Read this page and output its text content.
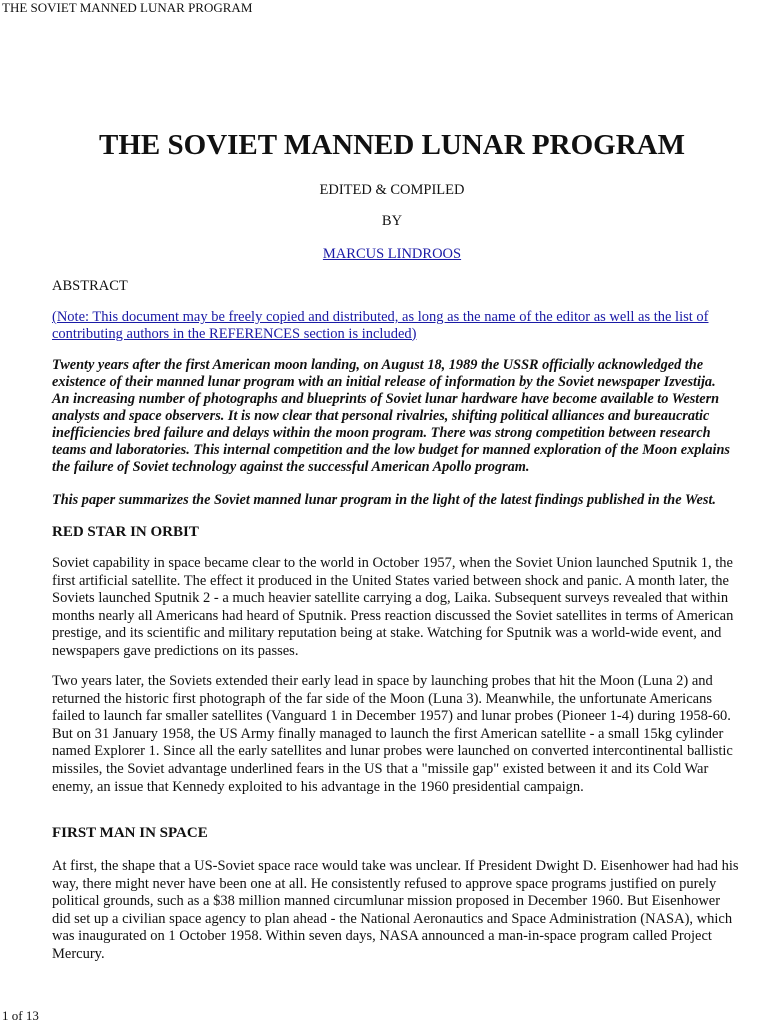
THE SOVIET MANNED LUNAR PROGRAM
THE SOVIET MANNED LUNAR PROGRAM
EDITED & COMPILED
BY
MARCUS LINDROOS
ABSTRACT
(Note: This document may be freely copied and distributed, as long as the name of the editor as well as the list of contributing authors in the REFERENCES section is included)
Twenty years after the first American moon landing, on August 18, 1989 the USSR officially acknowledged the existence of their manned lunar program with an initial release of information by the Soviet newspaper Izvestija. An increasing number of photographs and blueprints of Soviet lunar hardware have become available to Western analysts and space observers. It is now clear that personal rivalries, shifting political alliances and bureaucratic inefficiencies bred failure and delays within the moon program. There was strong competition between research teams and laboratories. This internal competition and the low budget for manned exploration of the Moon explains the failure of Soviet technology against the successful American Apollo program.
This paper summarizes the Soviet manned lunar program in the light of the latest findings published in the West.
RED STAR IN ORBIT
Soviet capability in space became clear to the world in October 1957, when the Soviet Union launched Sputnik 1, the first artificial satellite. The effect it produced in the United States varied between shock and panic. A month later, the Soviets launched Sputnik 2 - a much heavier satellite carrying a dog, Laika. Subsequent surveys revealed that within months nearly all Americans had heard of Sputnik. Press reaction discussed the Soviet satellites in terms of American prestige, and its scientific and military reputation being at stake. Watching for Sputnik was a world-wide event, and newspapers gave predictions on its passes.
Two years later, the Soviets extended their early lead in space by launching probes that hit the Moon (Luna 2) and returned the historic first photograph of the far side of the Moon (Luna 3). Meanwhile, the unfortunate Americans failed to launch far smaller satellites (Vanguard 1 in December 1957) and lunar probes (Pioneer 1-4) during 1958-60. But on 31 January 1958, the US Army finally managed to launch the first American satellite - a small 15kg cylinder named Explorer 1. Since all the early satellites and lunar probes were launched on converted intercontinental ballistic missiles, the Soviet advantage underlined fears in the US that a "missile gap" existed between it and its Cold War enemy, an issue that Kennedy exploited to his advantage in the 1960 presidential campaign.
FIRST MAN IN SPACE
At first, the shape that a US-Soviet space race would take was unclear. If President Dwight D. Eisenhower had had his way, there might never have been one at all. He consistently refused to approve space programs justified on purely political grounds, such as a $38 million manned circumlunar mission proposed in December 1960. But Eisenhower did set up a civilian space agency to plan ahead - the National Aeronautics and Space Administration (NASA), which was inaugurated on 1 October 1958. Within seven days, NASA announced a man-in-space program called Project Mercury.
1 of 13
